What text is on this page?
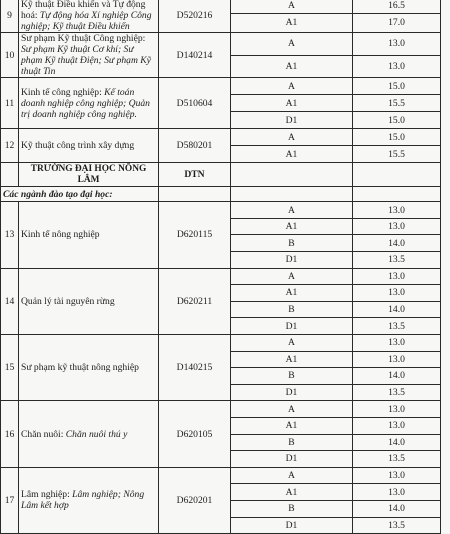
9	Kỹ thuật Điều khiển và Tự động hoá: Tự động hóa Xí nghiệp Công nghiệp; Kỹ thuật Điều khiển	D520216	A	16.5
			A1	17.0
10	Sư phạm Kỹ thuật Công nghiệp: Sư phạm Kỹ thuật Cơ khí; Sư phạm Kỹ thuật Điện; Sư phạm Kỹ thuật Tin	D140214	A	13.0
			A1	13.0
11	Kinh tế công nghiệp: Kế toán doanh nghiệp công nghiệp; Quản trị doanh nghiệp công nghiệp.	D510604	A	15.0
			A1	15.5
			D1	15.0
12	Kỹ thuật công trình xây dựng	D580201	A	15.0
			A1	15.5
	TRƯỜNG ĐẠI HỌC NÔNG LÂM	DTN		
Các ngành đào tạo đại học:				
13	Kinh tế nông nghiệp	D620115	A	13.0
			A1	13.0
			B	14.0
			D1	13.5
14	Quản lý tài nguyên rừng	D620211	A	13.0
			A1	13.0
			B	14.0
			D1	13.5
15	Sư phạm kỹ thuật nông nghiệp	D140215	A	13.0
			A1	13.0
			B	14.0
			D1	13.5
16	Chăn nuôi: Chăn nuôi thú y	D620105	A	13.0
			A1	13.0
			B	14.0
			D1	13.5
17	Lâm nghiệp: Lâm nghiệp; Nông Lâm kết hợp	D620201	A	13.0
			A1	13.0
			B	14.0
			D1	13.5
